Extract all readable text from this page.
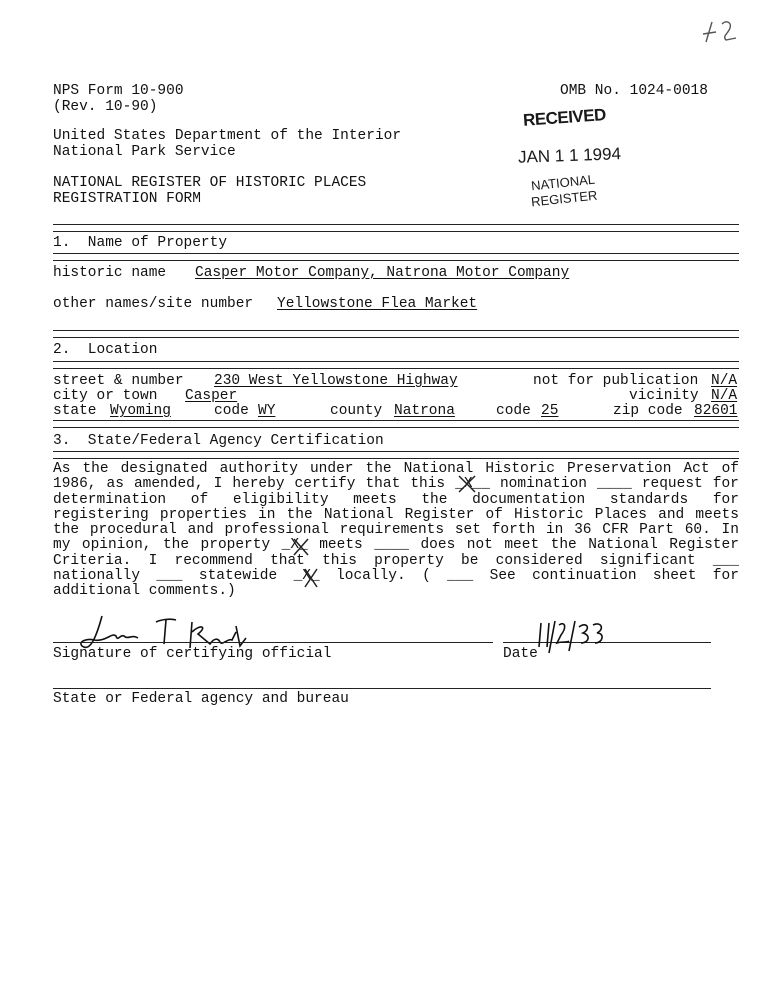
NPS Form 10-900
(Rev. 10-90)
United States Department of the Interior
National Park Service
NATIONAL REGISTER OF HISTORIC PLACES
REGISTRATION FORM
OMB No. 1024-0018
RECEIVED
JAN 1 1 1994
NATIONAL
REGISTER
1.  Name of Property
historic name Casper Motor Company, Natrona Motor Company
other names/site number Yellowstone Flea Market
2.  Location
street & number 230 West Yellowstone Highway	not for publication N/A
city or town Casper	vicinity N/A
state Wyoming	code WY	county Natrona	code 25	zip code 82601
3.  State/Federal Agency Certification
As the designated authority under the National Historic Preservation Act of
1986, as amended, I hereby certify that this _X__ nomination ____ request for
determination of eligibility meets the documentation standards for
registering properties in the National Register of Historic Places and meets
the procedural and professional requirements set forth in 36 CFR Part 60. In
my opinion, the property _X_ meets ____ does not meet the National Register
Criteria. I recommend that this property be considered significant ___
nationally ___ statewide _X_ locally. ( ___ See continuation sheet for
additional comments.)
Signature of certifying official	Date
State or Federal agency and bureau
